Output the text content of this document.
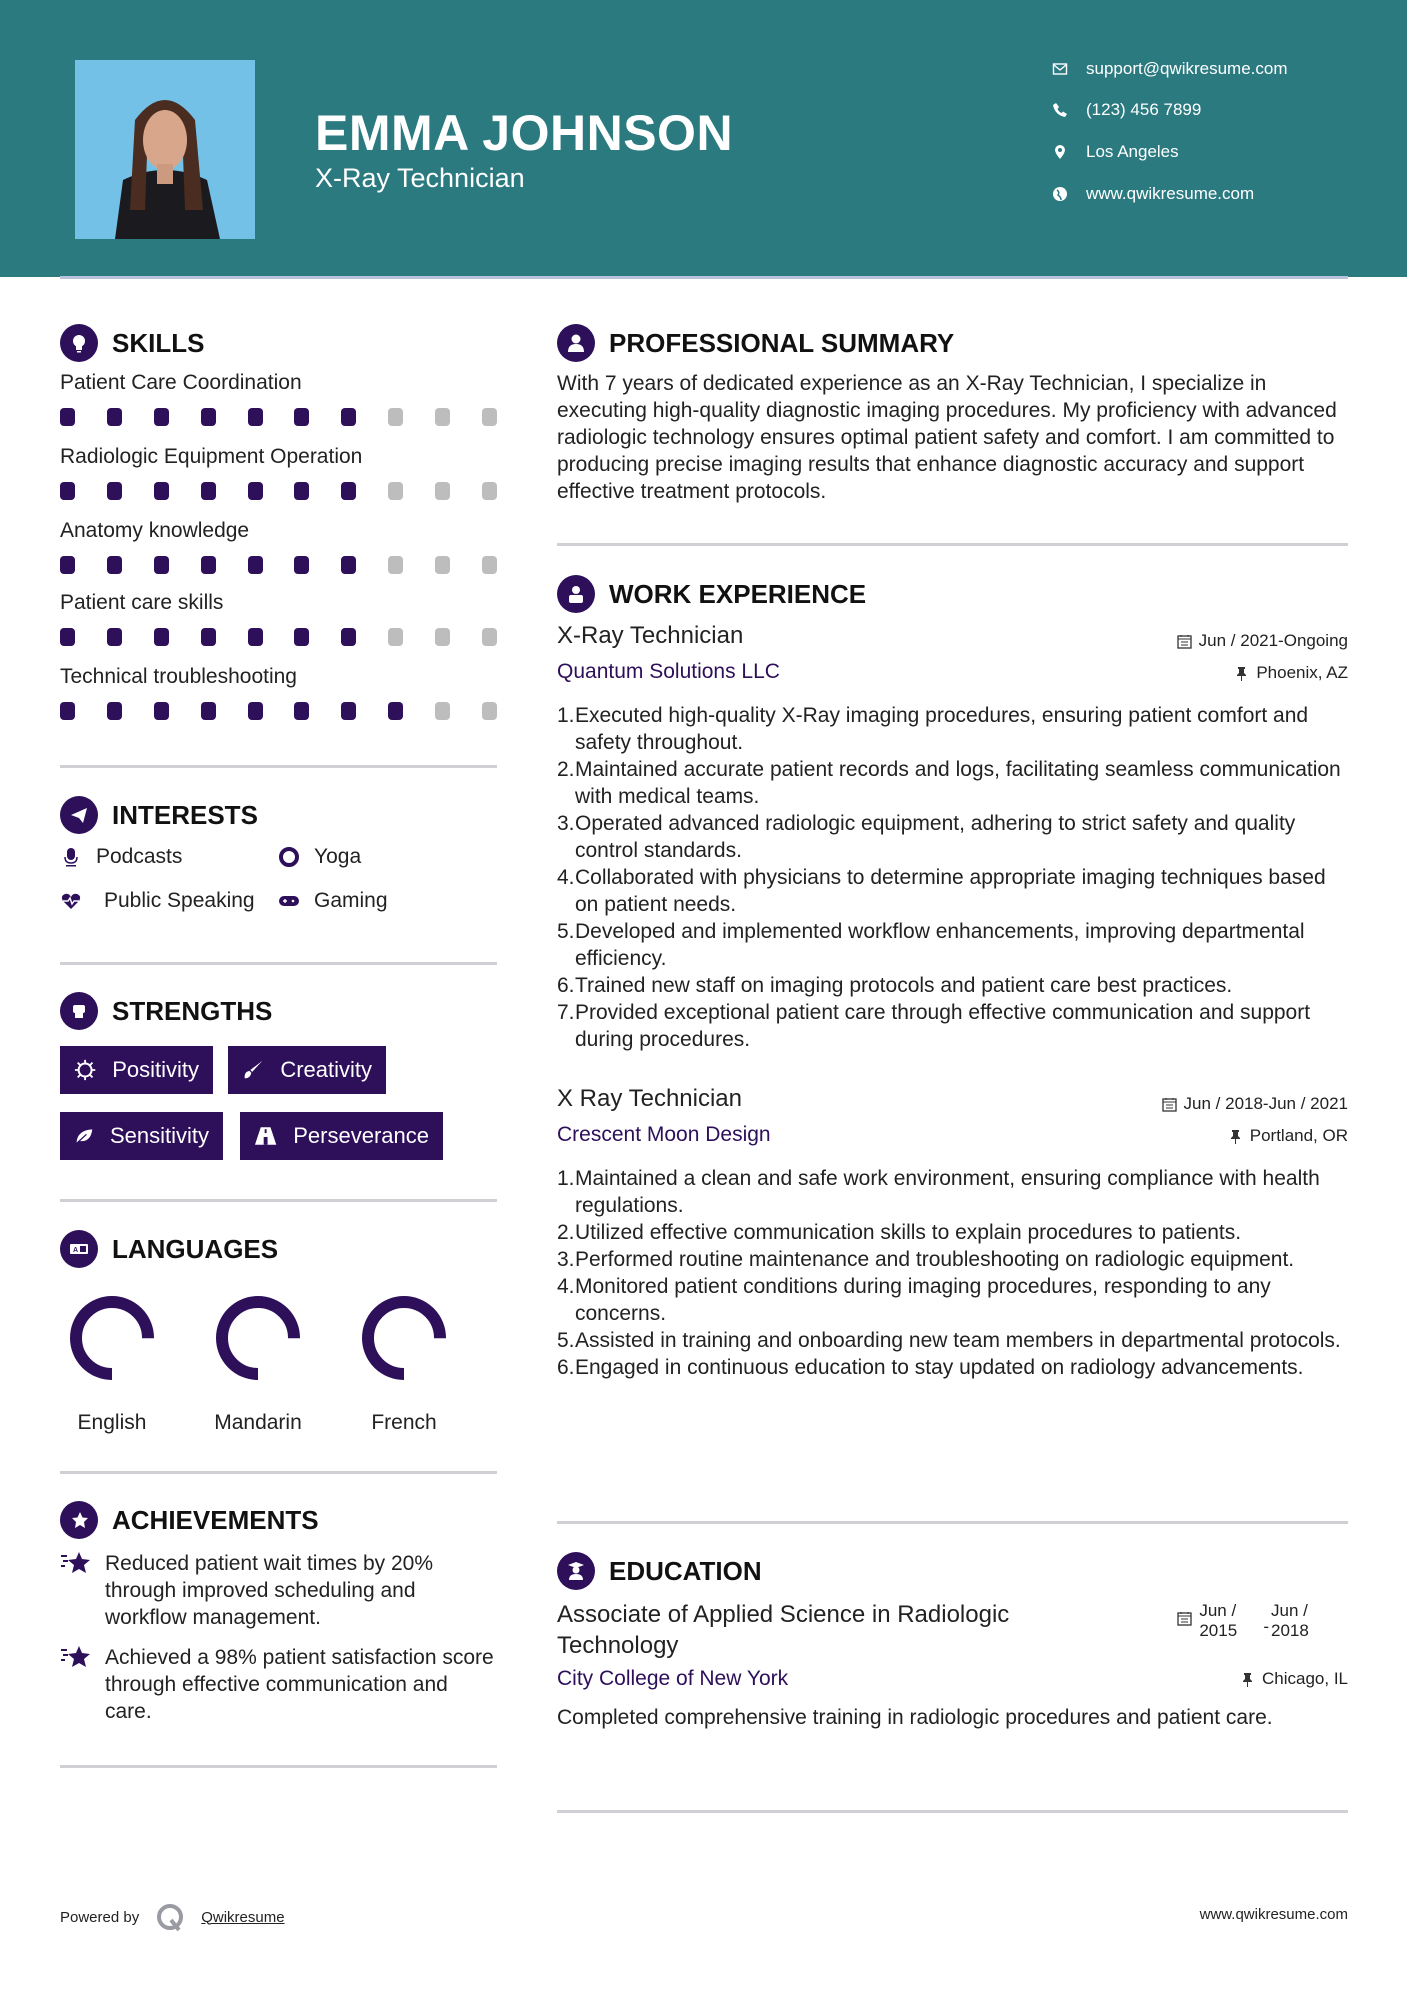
EMMA JOHNSON
X-Ray Technician
support@qwikresume.com
(123) 456 7899
Los Angeles
www.qwikresume.com
SKILLS
Patient Care Coordination
Radiologic Equipment Operation
Anatomy knowledge
Patient care skills
Technical troubleshooting
INTERESTS
Podcasts	Yoga
Public Speaking	Gaming
STRENGTHS
Positivity	Creativity
Sensitivity	Perseverance
A LANGUAGES
English	Mandarin	French
ACHIEVEMENTS
Reduced patient wait times by 20% through improved scheduling and workflow management.
Achieved a 98% patient satisfaction score through effective communication and care.
PROFESSIONAL SUMMARY
With 7 years of dedicated experience as an X-Ray Technician, I specialize in executing high-quality diagnostic imaging procedures. My proficiency with advanced radiologic technology ensures optimal patient safety and comfort. I am committed to producing precise imaging results that enhance diagnostic accuracy and support effective treatment protocols.
WORK EXPERIENCE
X-Ray Technician	Jun / 2021-Ongoing
Quantum Solutions LLC	Phoenix, AZ
1. Executed high-quality X-Ray imaging procedures, ensuring patient comfort and safety throughout.
2. Maintained accurate patient records and logs, facilitating seamless communication with medical teams.
3. Operated advanced radiologic equipment, adhering to strict safety and quality control standards.
4. Collaborated with physicians to determine appropriate imaging techniques based on patient needs.
5. Developed and implemented workflow enhancements, improving departmental efficiency.
6. Trained new staff on imaging protocols and patient care best practices.
7. Provided exceptional patient care through effective communication and support during procedures.
X Ray Technician	Jun / 2018-Jun / 2021
Crescent Moon Design	Portland, OR
1. Maintained a clean and safe work environment, ensuring compliance with health regulations.
2. Utilized effective communication skills to explain procedures to patients.
3. Performed routine maintenance and troubleshooting on radiologic equipment.
4. Monitored patient conditions during imaging procedures, responding to any concerns.
5. Assisted in training and onboarding new team members in departmental protocols.
6. Engaged in continuous education to stay updated on radiology advancements.
EDUCATION
Associate of Applied Science in Radiologic Technology
Jun / 2015	-
Jun / 2018
City College of New York	Chicago, IL
Completed comprehensive training in radiologic procedures and patient care.
Powered by	Qwikresume	www.qwikresume.com
